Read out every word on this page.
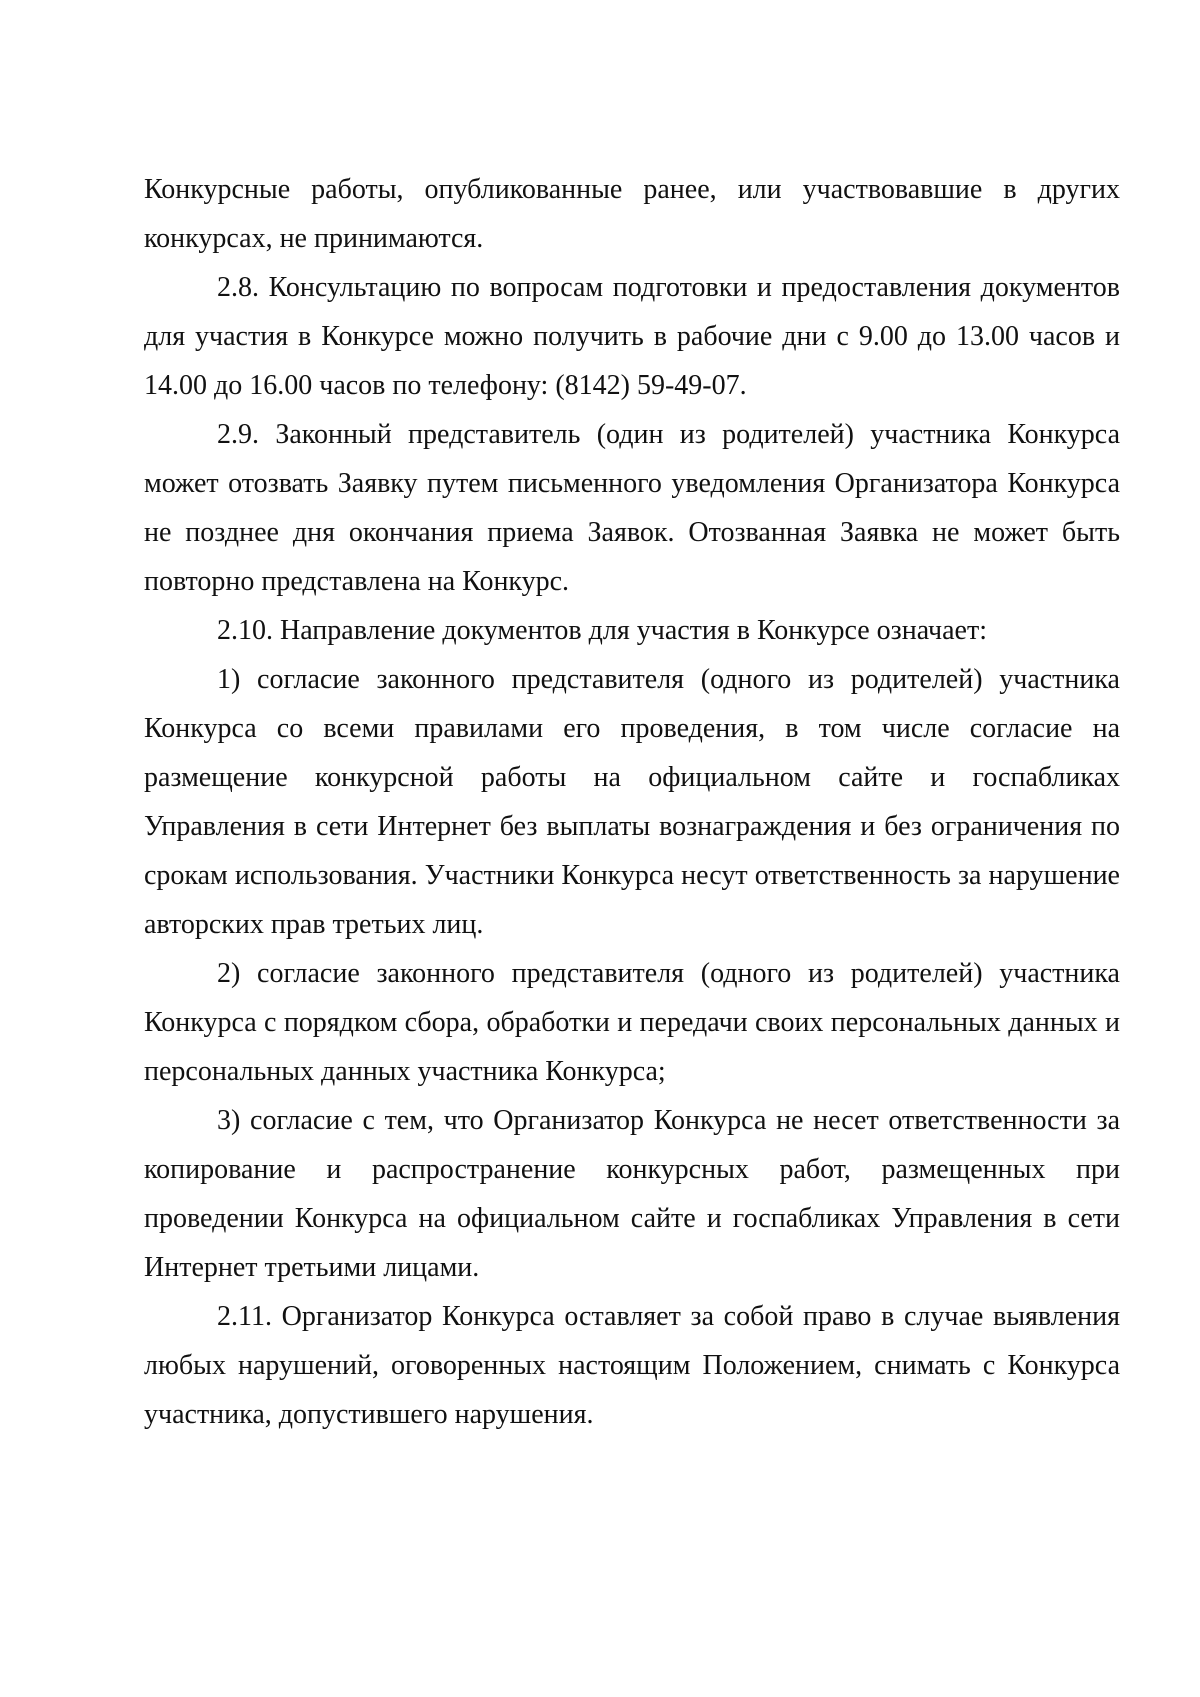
Конкурсные работы, опубликованные ранее, или участвовавшие в других конкурсах, не принимаются.

2.8. Консультацию по вопросам подготовки и предоставления документов для участия в Конкурсе можно получить в рабочие дни с 9.00 до 13.00 часов и 14.00 до 16.00 часов по телефону: (8142) 59-49-07.

2.9. Законный представитель (один из родителей) участника Конкурса может отозвать Заявку путем письменного уведомления Организатора Конкурса не позднее дня окончания приема Заявок. Отозванная Заявка не может быть повторно представлена на Конкурс.

2.10. Направление документов для участия в Конкурсе означает:

1) согласие законного представителя (одного из родителей) участника Конкурса со всеми правилами его проведения, в том числе согласие на размещение конкурсной работы на официальном сайте и госпабликах Управления в сети Интернет без выплаты вознаграждения и без ограничения по срокам использования. Участники Конкурса несут ответственность за нарушение авторских прав третьих лиц.

2) согласие законного представителя (одного из родителей) участника Конкурса с порядком сбора, обработки и передачи своих персональных данных и персональных данных участника Конкурса;

3) согласие с тем, что Организатор Конкурса не несет ответственности за копирование и распространение конкурсных работ, размещенных при проведении Конкурса на официальном сайте и госпабликах Управления в сети Интернет третьими лицами.

2.11. Организатор Конкурса оставляет за собой право в случае выявления любых нарушений, оговоренных настоящим Положением, снимать с Конкурса участника, допустившего нарушения.
